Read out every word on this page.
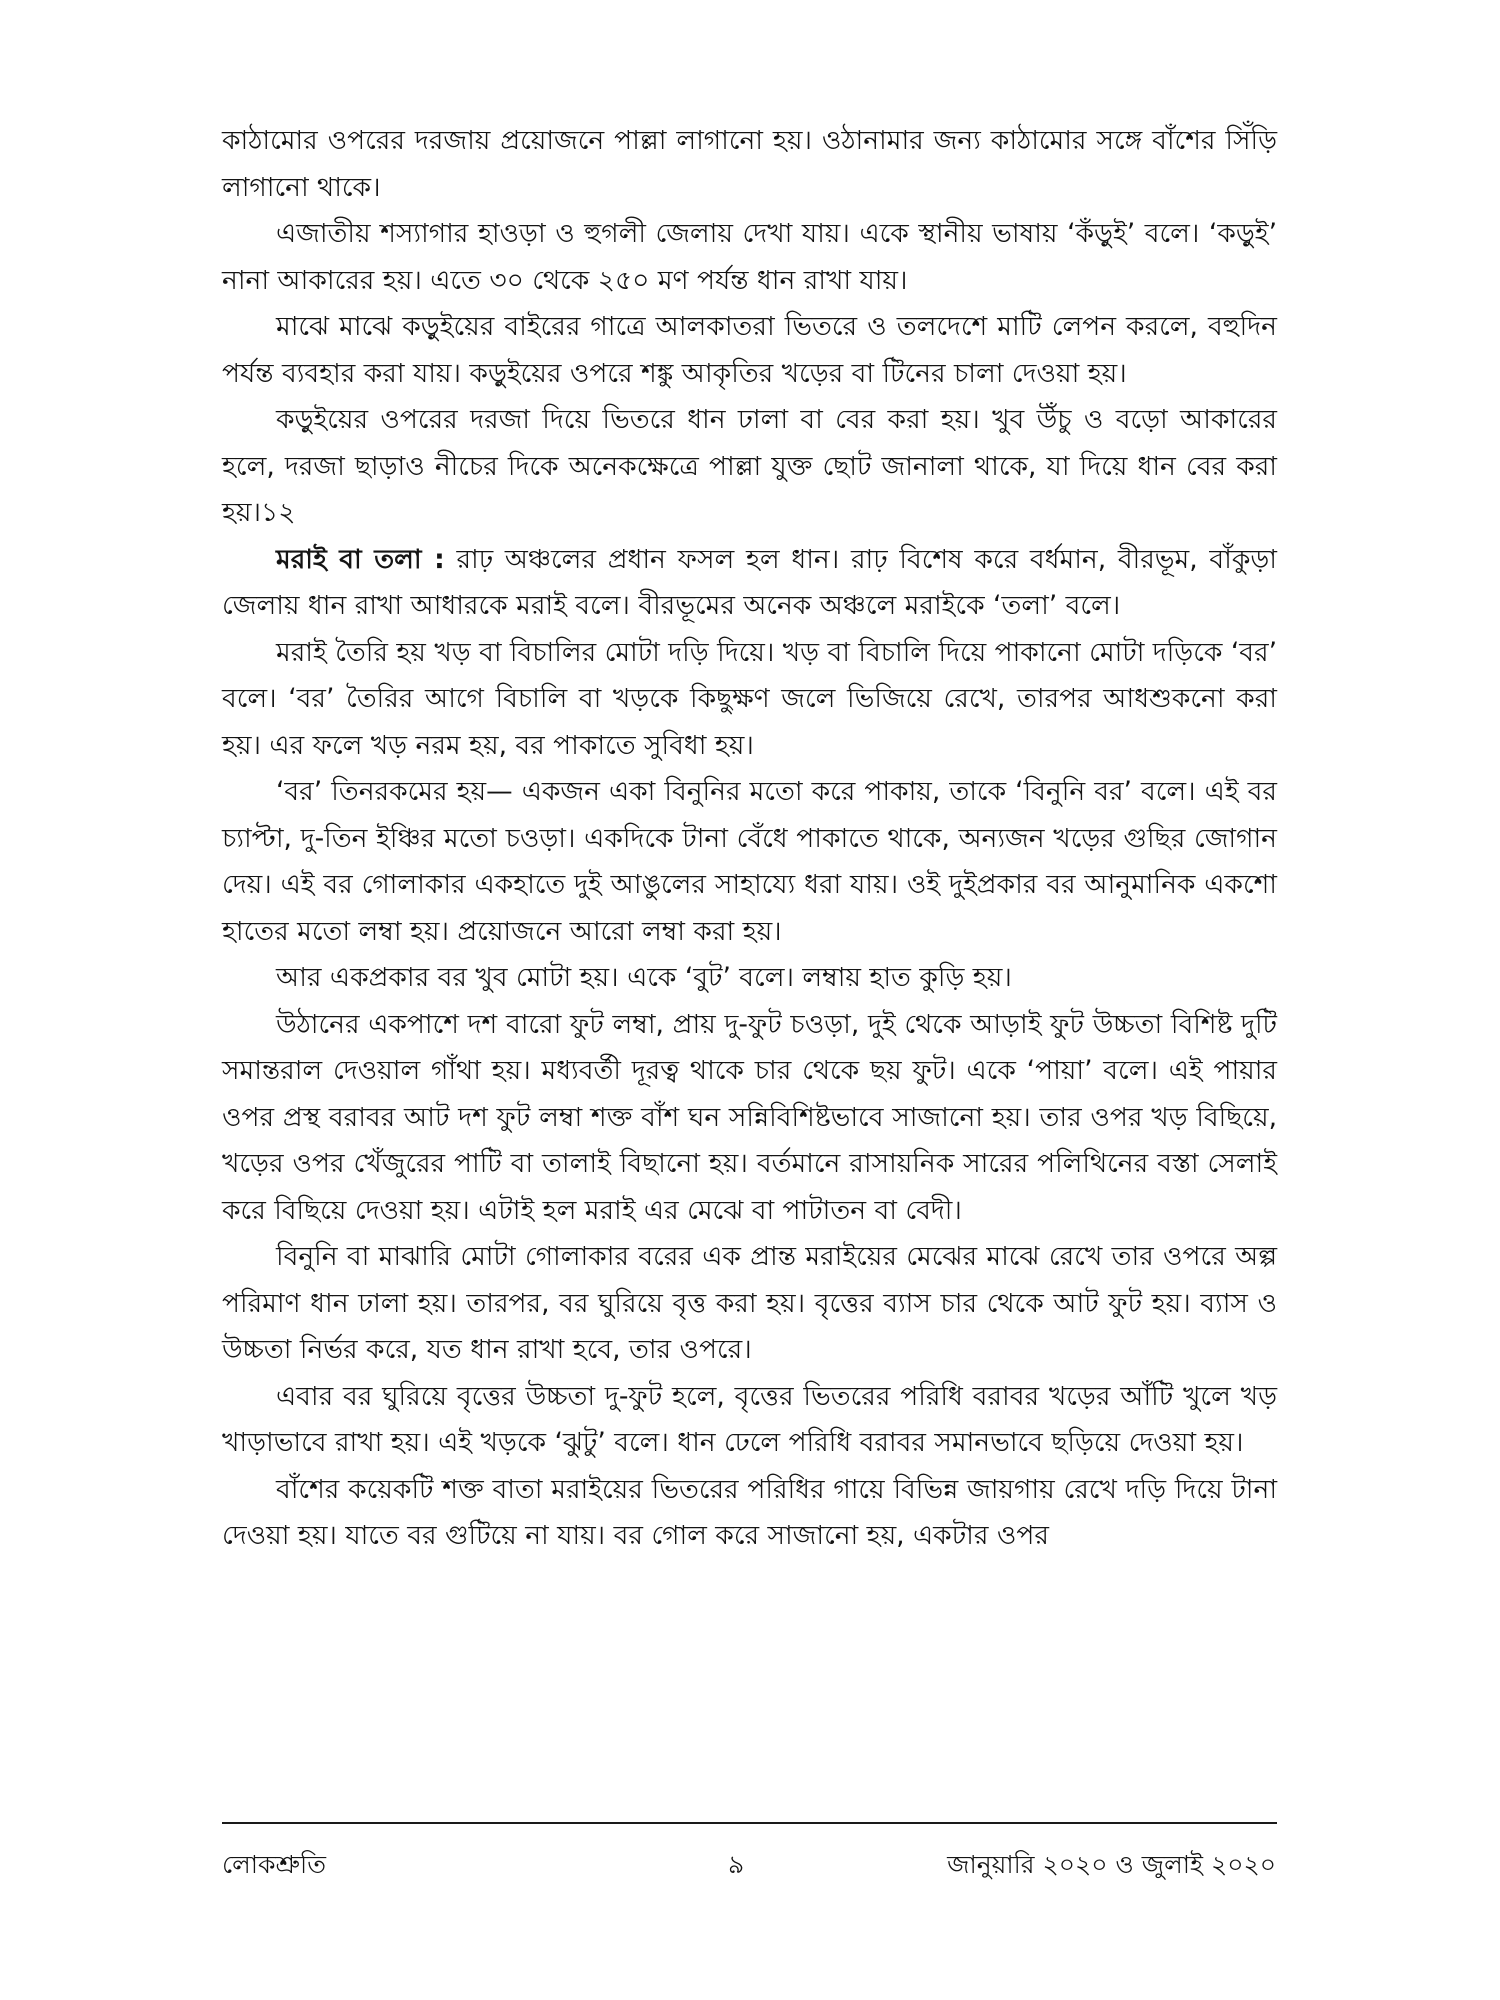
কাঠামোর ওপরের দরজায় প্রয়োজনে পাল্লা লাগানো হয়। ওঠানামার জন্য কাঠামোর সঙ্গে বাঁশের সিঁড়ি লাগানো থাকে।

এজাতীয় শস্যাগার হাওড়া ও হুগলী জেলায় দেখা যায়। একে স্থানীয় ভাষায় ‘কঁড়ুই’ বলে। ‘কড়ুই’ নানা আকারের হয়। এতে ৩০ থেকে ২৫০ মণ পর্যন্ত ধান রাখা যায়।

মাঝে মাঝে কড়ুইয়ের বাইরের গাত্রে আলকাতরা ভিতরে ও তলদেশে মাটি লেপন করলে, বহুদিন পর্যন্ত ব্যবহার করা যায়। কড়ুইয়ের ওপরে শঙ্কু আকৃতির খড়ের বা টিনের চালা দেওয়া হয়।

কড়ুইয়ের ওপরের দরজা দিয়ে ভিতরে ধান ঢালা বা বের করা হয়। খুব উঁচু ও বড়ো আকারের হলে, দরজা ছাড়াও নীচের দিকে অনেকক্ষেত্রে পাল্লা যুক্ত ছোট জানালা থাকে, যা দিয়ে ধান বের করা হয়।১২

মরাই বা তলা : রাঢ় অঞ্চলের প্রধান ফসল হল ধান। রাঢ় বিশেষ করে বর্ধমান, বীরভূম, বাঁকুড়া জেলায় ধান রাখা আধারকে মরাই বলে। বীরভূমের অনেক অঞ্চলে মরাইকে ‘তলা’ বলে।

মরাই তৈরি হয় খড় বা বিচালির মোটা দড়ি দিয়ে। খড় বা বিচালি দিয়ে পাকানো মোটা দড়িকে ‘বর’ বলে। ‘বর’ তৈরির আগে বিচালি বা খড়কে কিছুক্ষণ জলে ভিজিয়ে রেখে, তারপর আধশুকনো করা হয়। এর ফলে খড় নরম হয়, বর পাকাতে সুবিধা হয়।

‘বর’ তিনরকমের হয়— একজন একা বিনুনির মতো করে পাকায়, তাকে ‘বিনুনি বর’ বলে। এই বর চ্যাপ্টা, দু-তিন ইঞ্চির মতো চওড়া। একদিকে টানা বেঁধে পাকাতে থাকে, অন্যজন খড়ের গুছির জোগান দেয়। এই বর গোলাকার একহাতে দুই আঙুলের সাহায্যে ধরা যায়। ওই দুইপ্রকার বর আনুমানিক একশো হাতের মতো লম্বা হয়। প্রয়োজনে আরো লম্বা করা হয়।

আর একপ্রকার বর খুব মোটা হয়। একে ‘বুট’ বলে। লম্বায় হাত কুড়ি হয়।

উঠানের একপাশে দশ বারো ফুট লম্বা, প্রায় দু-ফুট চওড়া, দুই থেকে আড়াই ফুট উচ্চতা বিশিষ্ট দুটি সমান্তরাল দেওয়াল গাঁথা হয়। মধ্যবর্তী দূরত্ব থাকে চার থেকে ছয় ফুট। একে ‘পায়া’ বলে। এই পায়ার ওপর প্রস্থ বরাবর আট দশ ফুট লম্বা শক্ত বাঁশ ঘন সন্নিবিশিষ্টভাবে সাজানো হয়। তার ওপর খড় বিছিয়ে, খড়ের ওপর খেঁজুরের পাটি বা তালাই বিছানো হয়। বর্তমানে রাসায়নিক সারের পলিথিনের বস্তা সেলাই করে বিছিয়ে দেওয়া হয়। এটাই হল মরাই এর মেঝে বা পাটাতন বা বেদী।

বিনুনি বা মাঝারি মোটা গোলাকার বরের এক প্রান্ত মরাইয়ের মেঝের মাঝে রেখে তার ওপরে অল্প পরিমাণ ধান ঢালা হয়। তারপর, বর ঘুরিয়ে বৃত্ত করা হয়। বৃত্তের ব্যাস চার থেকে আট ফুট হয়। ব্যাস ও উচ্চতা নির্ভর করে, যত ধান রাখা হবে, তার ওপরে।

এবার বর ঘুরিয়ে বৃত্তের উচ্চতা দু-ফুট হলে, বৃত্তের ভিতরের পরিধি বরাবর খড়ের আঁটি খুলে খড় খাড়াভাবে রাখা হয়। এই খড়কে ‘ঝুটু’ বলে। ধান ঢেলে পরিধি বরাবর সমানভাবে ছড়িয়ে দেওয়া হয়।

বাঁশের কয়েকটি শক্ত বাতা মরাইয়ের ভিতরের পরিধির গায়ে বিভিন্ন জায়গায় রেখে দড়ি দিয়ে টানা দেওয়া হয়। যাতে বর গুটিয়ে না যায়। বর গোল করে সাজানো হয়, একটার ওপর

লোকশ্রুতি	৯	জানুয়ারি ২০২০ ও জুলাই ২০২০
